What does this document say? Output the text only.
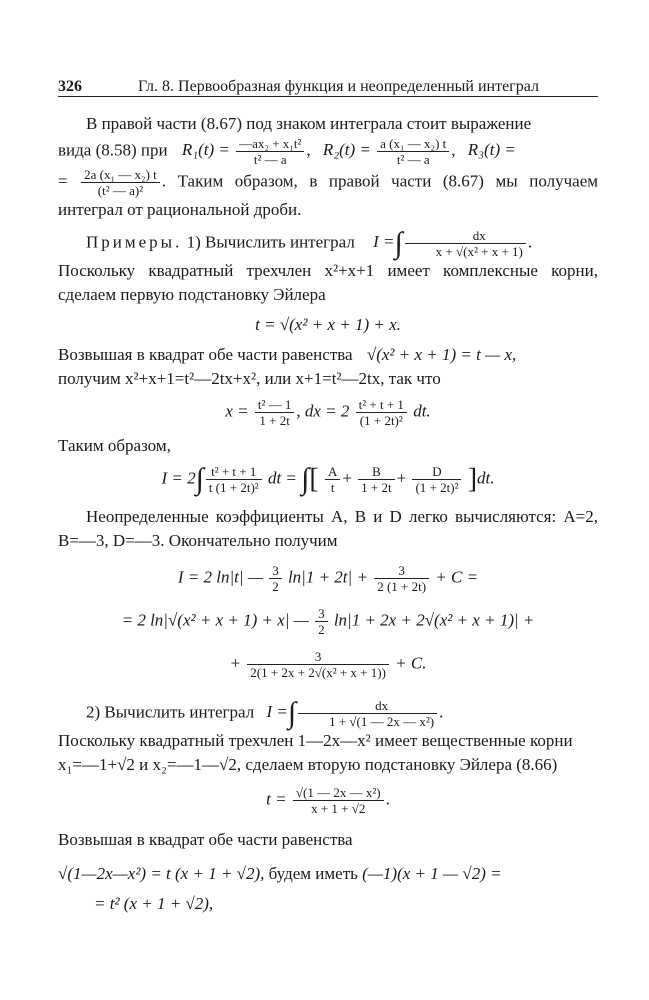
326	Гл. 8. Первообразная функция и неопределенный интеграл

В правой части (8.67) под знаком интеграла стоит выражение

вида (8.58) при $R_1(t) = \frac{\text{—ax₂ + x₁t²}}{\text{t² — a}}$ , $R_2(t) = \frac{\text{a (x₁ — x₂) t}}{\text{t² — a}}$ , R₃(t) =

= $\frac{\text{2a (x₁ — x₂) t}}{\text{(t² — a)²}}$ . Таким образом, в правой части (8.67) мы получаем интеграл от рациональной дроби.

Примеры. 1) Вычислить интеграл I =∫ $\frac{dx}{\text{x + √(x² + x + 1)}}$ .

Поскольку квадратный трехчлен x²+x+1 имеет комплексные корни, сделаем первую подстановку Эйлера

t = √(x² + x + 1) + x.

Возвышая в квадрат обе части равенства √(x² + x + 1) = t — x,

получим x²+x+1=t²—2tx+x², или x+1=t²—2tx, так что

$x = \frac{\text{t² — 1}}{1 + 2t}$ , dx = $2 \frac{\text{t² + t + 1}}{\text{(1 + 2t)²}}$ dt.

Таким образом,

$I = 2\int \frac{\text{t² + t + 1}}{\text{t (1 + 2t)²}}$ dt = ∫[ $\frac{A}{t} + \frac{B}{1 + 2t} + \frac{D}{\text{(1 + 2t)²}} ]dt$.

Неопределенные коэффициенты A, B и D легко вычисляются: A=2, B=—3, D=—3. Окончательно получим

I = 2 ln|t| — $\frac{3}{2} \ln|1 + 2t| + \frac{3}{2 (1 + 2t)} + C$ =

= 2 ln|√(x² + x + 1) + x| — $\frac{3}{2} \ln|1 + 2x + 2√(x^2 + x + 1)|$ +

+ $\frac{3}{\text{2(1 + 2x + 2√(x² + x + 1))}} + C$.

2) Вычислить интеграл I =∫ $\frac{dx}{\text{1 + √(1 — 2x — x²)}}$ .

Поскольку квадратный трехчлен 1—2x—x² имеет вещественные корни

x₁=—1+√2 и x₂=—1—√2, сделаем вторую подстановку Эйлера (8.66)

$t = \frac{\text{√(1 — 2x — x²)}}{x + 1 + √2}$ .

Возвышая в квадрат обе части равенства

√(1—2x—x²) = t (x + 1 + √2), будем иметь (—1)(x + 1 — √2) =

= t² (x + 1 + √2),
